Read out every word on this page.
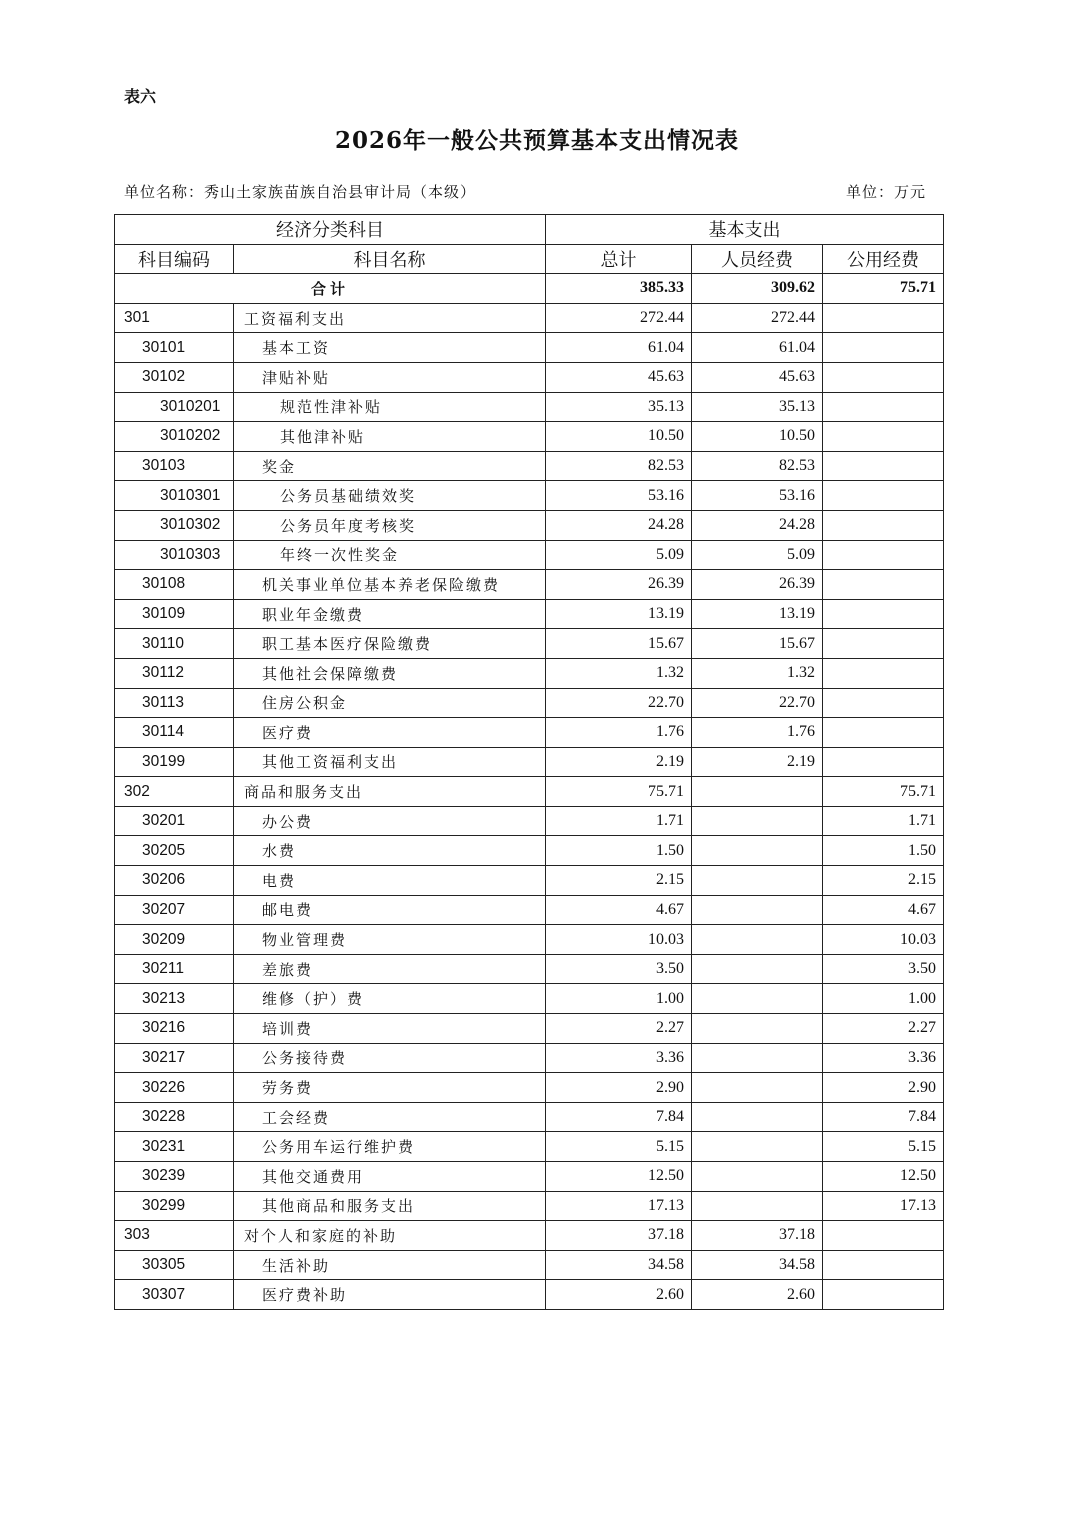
表六
2026年一般公共预算基本支出情况表
单位名称：秀山土家族苗族自治县审计局（本级）	单位：万元
经济分类科目		基本支出		
科目编码	科目名称	总计	人员经费	公用经费
合计		385.33	309.62	75.71
301	工资福利支出	272.44	272.44	
30101	基本工资	61.04	61.04	
30102	津贴补贴	45.63	45.63	
3010201	规范性津补贴	35.13	35.13	
3010202	其他津补贴	10.50	10.50	
30103	奖金	82.53	82.53	
3010301	公务员基础绩效奖	53.16	53.16	
3010302	公务员年度考核奖	24.28	24.28	
3010303	年终一次性奖金	5.09	5.09	
30108	机关事业单位基本养老保险缴费	26.39	26.39	
30109	职业年金缴费	13.19	13.19	
30110	职工基本医疗保险缴费	15.67	15.67	
30112	其他社会保障缴费	1.32	1.32	
30113	住房公积金	22.70	22.70	
30114	医疗费	1.76	1.76	
30199	其他工资福利支出	2.19	2.19	
302	商品和服务支出	75.71		75.71
30201	办公费	1.71		1.71
30205	水费	1.50		1.50
30206	电费	2.15		2.15
30207	邮电费	4.67		4.67
30209	物业管理费	10.03		10.03
30211	差旅费	3.50		3.50
30213	维修（护）费	1.00		1.00
30216	培训费	2.27		2.27
30217	公务接待费	3.36		3.36
30226	劳务费	2.90		2.90
30228	工会经费	7.84		7.84
30231	公务用车运行维护费	5.15		5.15
30239	其他交通费用	12.50		12.50
30299	其他商品和服务支出	17.13		17.13
303	对个人和家庭的补助	37.18	37.18	
30305	生活补助	34.58	34.58	
30307	医疗费补助	2.60	2.60	
